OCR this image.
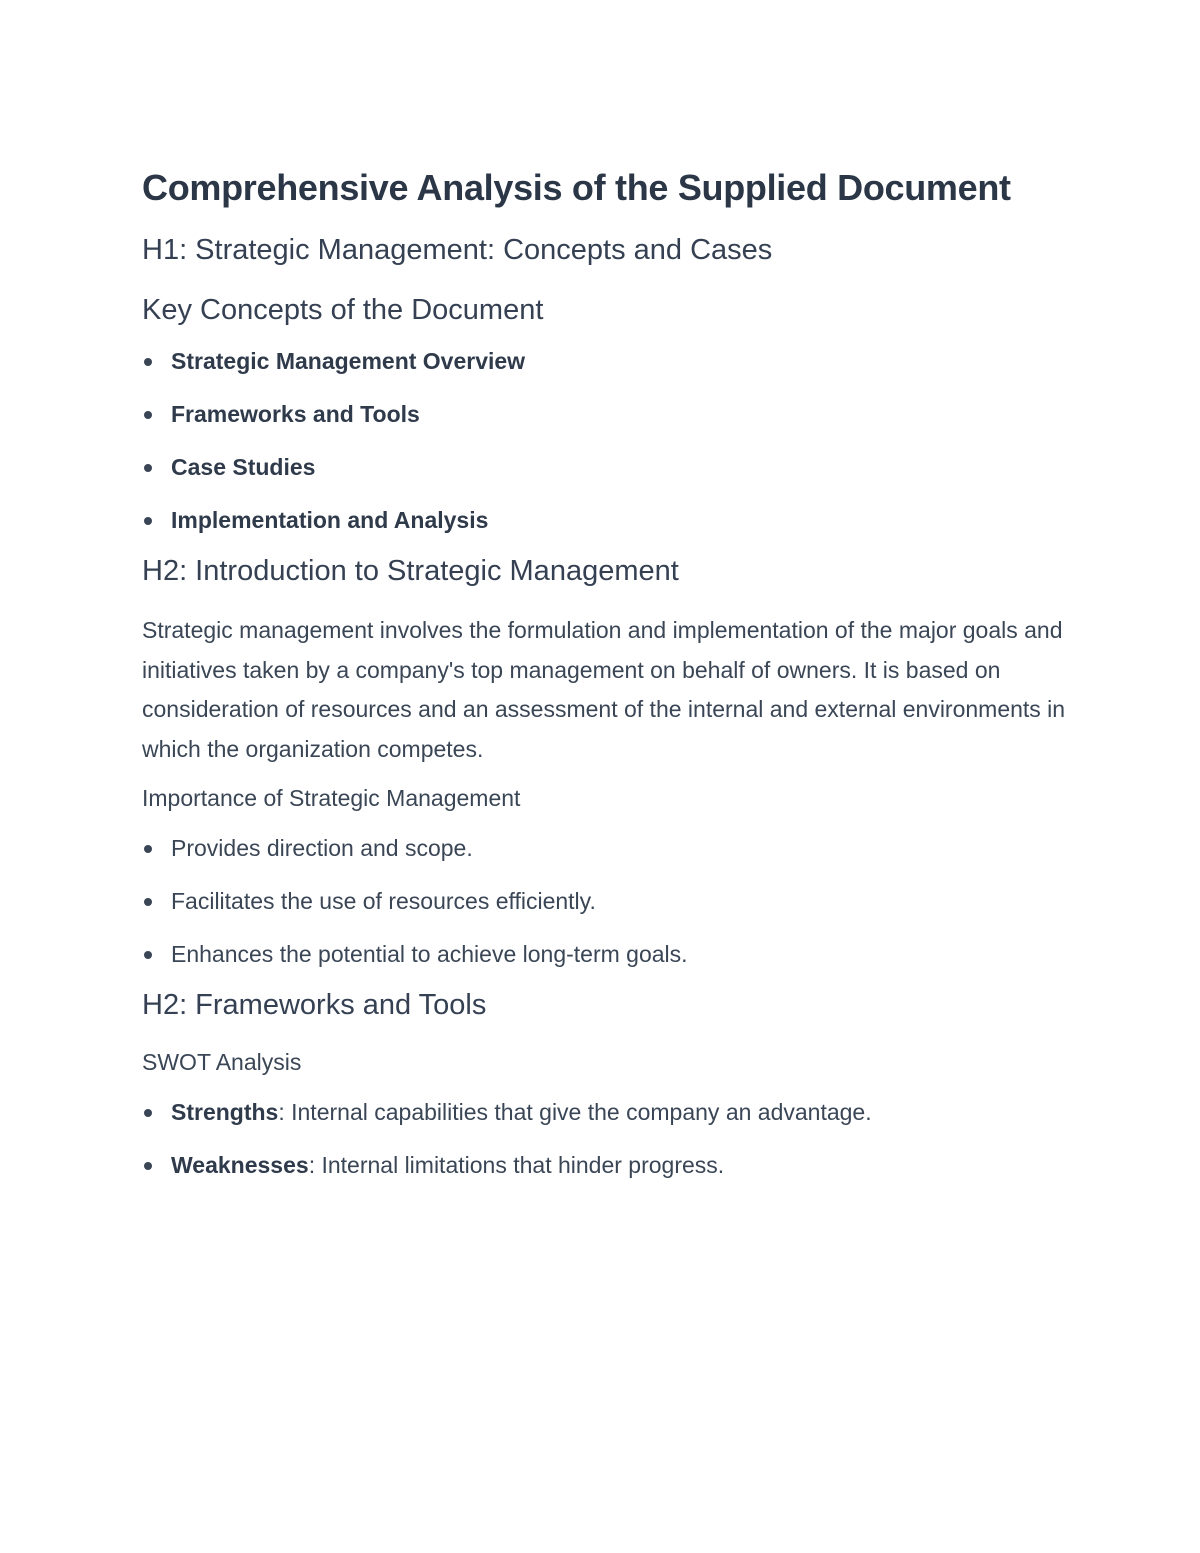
Comprehensive Analysis of the Supplied Document
H1: Strategic Management: Concepts and Cases
Key Concepts of the Document
Strategic Management Overview
Frameworks and Tools
Case Studies
Implementation and Analysis
H2: Introduction to Strategic Management

Strategic management involves the formulation and implementation of the major goals and initiatives taken by a company's top management on behalf of owners. It is based on consideration of resources and an assessment of the internal and external environments in which the organization competes.

Importance of Strategic Management
Provides direction and scope.
Facilitates the use of resources efficiently.
Enhances the potential to achieve long-term goals.
H2: Frameworks and Tools
SWOT Analysis
Strengths: Internal capabilities that give the company an advantage.
Weaknesses: Internal limitations that hinder progress.
